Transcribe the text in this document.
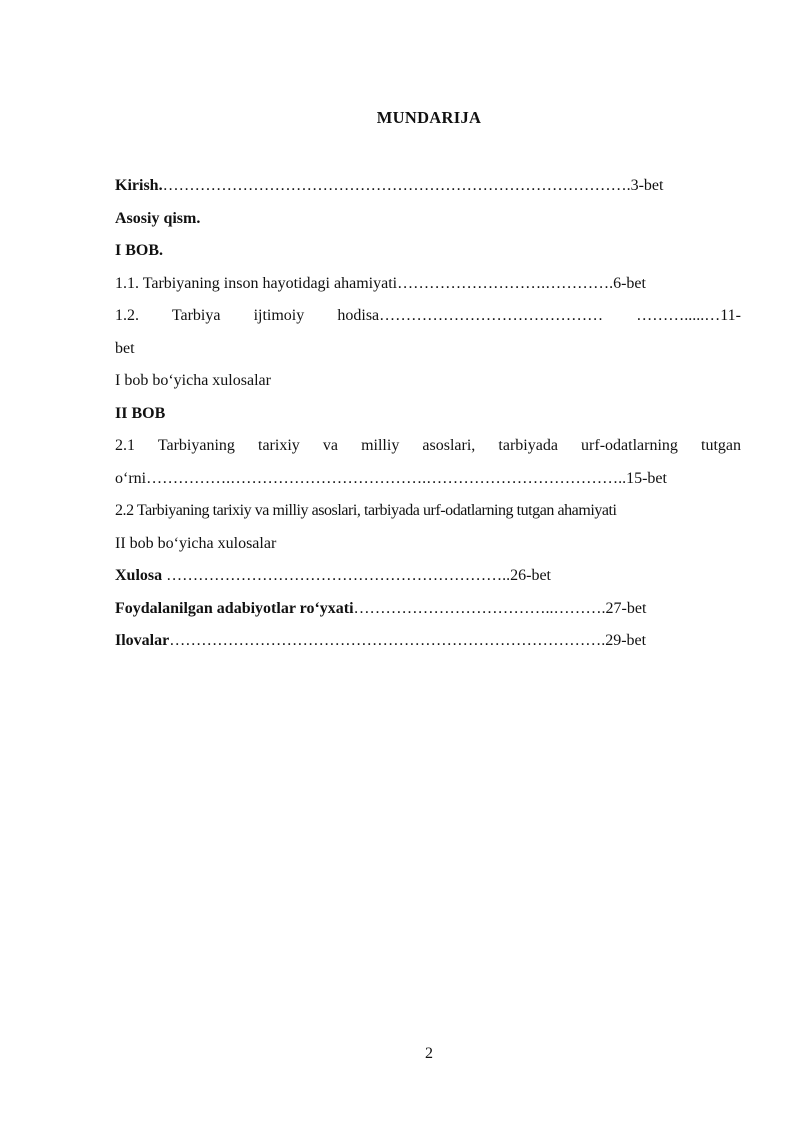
MUNDARIJA
Kirish.…………………………………………………………………………….3-bet
Asosiy qism.
I BOB.
1.1. Tarbiyaning inson hayotidagi ahamiyati……………………….………….6-bet
1.2. Tarbiya ijtimoiy hodisa…………………………………… ……….....…11-
bet
I bob bo‘yicha xulosalar
II BOB
2.1 Tarbiyaning tarixiy va milliy asoslari, tarbiyada urf-odatlarning tutgan
o‘rni…………….……………………………….………………………………..15-bet
2.2 Tarbiyaning tarixiy va milliy asoslari, tarbiyada urf-odatlarning tutgan ahamiyati
II bob bo‘yicha xulosalar
Xulosa ………………………………………………………..26-bet
Foydalanilgan adabiyotlar ro‘yxati………………………………..……….27-bet
Ilovalar……………………………………………………………………….29-bet
2
